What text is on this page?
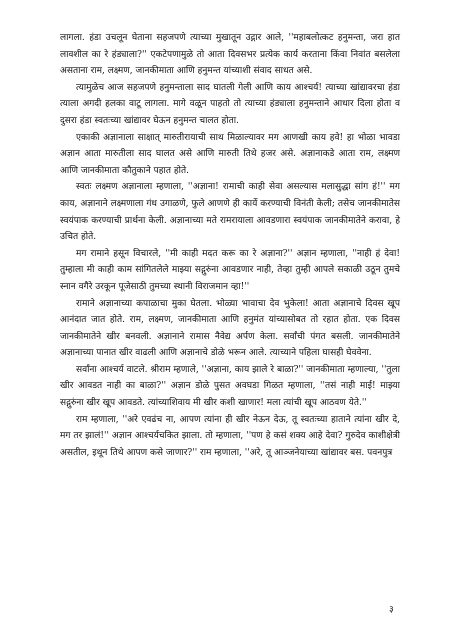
लागला. हंडा उचलून घेताना सहजपणे त्याच्या मुखातून उद्गार आले, ''महाबलोत्कट हनुमन्ता, जरा हात लावशील का रे हंड्याला?'' एकटेपणामुळे तो आता दिवसभर प्रत्येक कार्य करताना किंवा निवांत बसलेला असताना राम, लक्ष्मण, जानकीमाता आणि हनुमन्त यांच्याशी संवाद साधत असे.

त्यामुळेच आज सहजपणे हनुमन्ताला साद घातली गेली आणि काय आश्चर्य! त्याच्या खांद्यावरचा हंडा त्याला अगदी हलका वाटू लागला. मागे वळून पाहतो तो त्याच्या हंड्याला हनुमन्ताने आधार दिला होता व दुसरा हंडा स्वतःच्या खांद्यावर घेऊन हनुमन्त चालत होता.

एकाकी अज्ञानाला साक्षात् मारुतीरायाची साथ मिळाल्यावर मग आणखी काय हवे! हा भोळा भावडा अज्ञान आता मारुतीला साद घालत असे आणि मारुती तिथे हजर असे. अज्ञानाकडे आता राम, लक्ष्मण आणि जानकीमाता कौतुकाने पहात होते.

स्वतः लक्ष्मण अज्ञानाला म्हणाला, ''अज्ञाना! रामाची काही सेवा असल्यास मलासुद्धा सांग हं!'' मग काय, अज्ञानाने लक्ष्मणाला गंध उगाळणे, फुले आणणे ही कार्ये करण्याची विनंती केली; तसेच जानकीमातेस स्वयंपाक करण्याची प्रार्थना केली. अज्ञानाच्या मते रामरायाला आवडणारा स्वयंपाक जानकीमातेने करावा, हे उचित होते.

मग रामाने हसून विचारले, ''मी काही मदत करू का रे अज्ञाना?'' अज्ञान म्हणाला, ''नाही हं देवा! तुम्हाला मी काही काम सांगितलेले माझ्या सद्गुरुंना आवडणार नाही, तेव्हा तुम्ही आपले सकाळी उठून तुमचे स्नान वगैरे उरकून पूजेसाठी तुमच्या स्थानी विराजमान व्हा!''

रामाने अज्ञानाच्या कपाळाचा मुका घेतला. भोळ्या भावाचा देव भुकेला! आता अज्ञानाचे दिवस खूप आनंदात जात होते. राम, लक्ष्मण, जानकीमाता आणि हनुमंत यांच्यासोबत तो रहात होता. एक दिवस जानकीमातेने खीर बनवली. अज्ञानाने रामास नैवेद्य अर्पण केला. सर्वांची पंगत बसली. जानकीमातेने अज्ञानाच्या पानात खीर वाढली आणि अज्ञानाचे डोळे भरून आले. त्याच्याने पहिला घासही घेववेना.

सर्वांना आश्चर्य वाटले. श्रीराम म्हणाले, ''अज्ञाना, काय झाले रे बाळा?'' जानकीमाता म्हणाल्या, ''तुला खीर आवडत नाही का बाळा?'' अज्ञान डोळे पुसत अवघडा गिळत म्हणाला, ''तसं नाही माई! माझ्या सद्गुरुंना खीर खूप आवडते. त्यांच्याशिवाय मी खीर कशी खाणार! मला त्यांची खूप आठवण येते.''

राम म्हणाला, ''अरे एवढंच ना, आपण त्यांना ही खीर नेऊन देऊ, तू स्वतःच्या हाताने त्यांना खीर दे, मग तर झालं!'' अज्ञान आश्चर्यचकित झाला. तो म्हणाला, ''पण हे कसं शक्य आहे देवा? गुरुदेव काशीक्षेत्री असतील, इथून तिथे आपण कसे जाणार?'' राम म्हणाला, ''अरे, तू आञ्जनेयाच्या खांद्यावर बस. पवनपुत्र

३
